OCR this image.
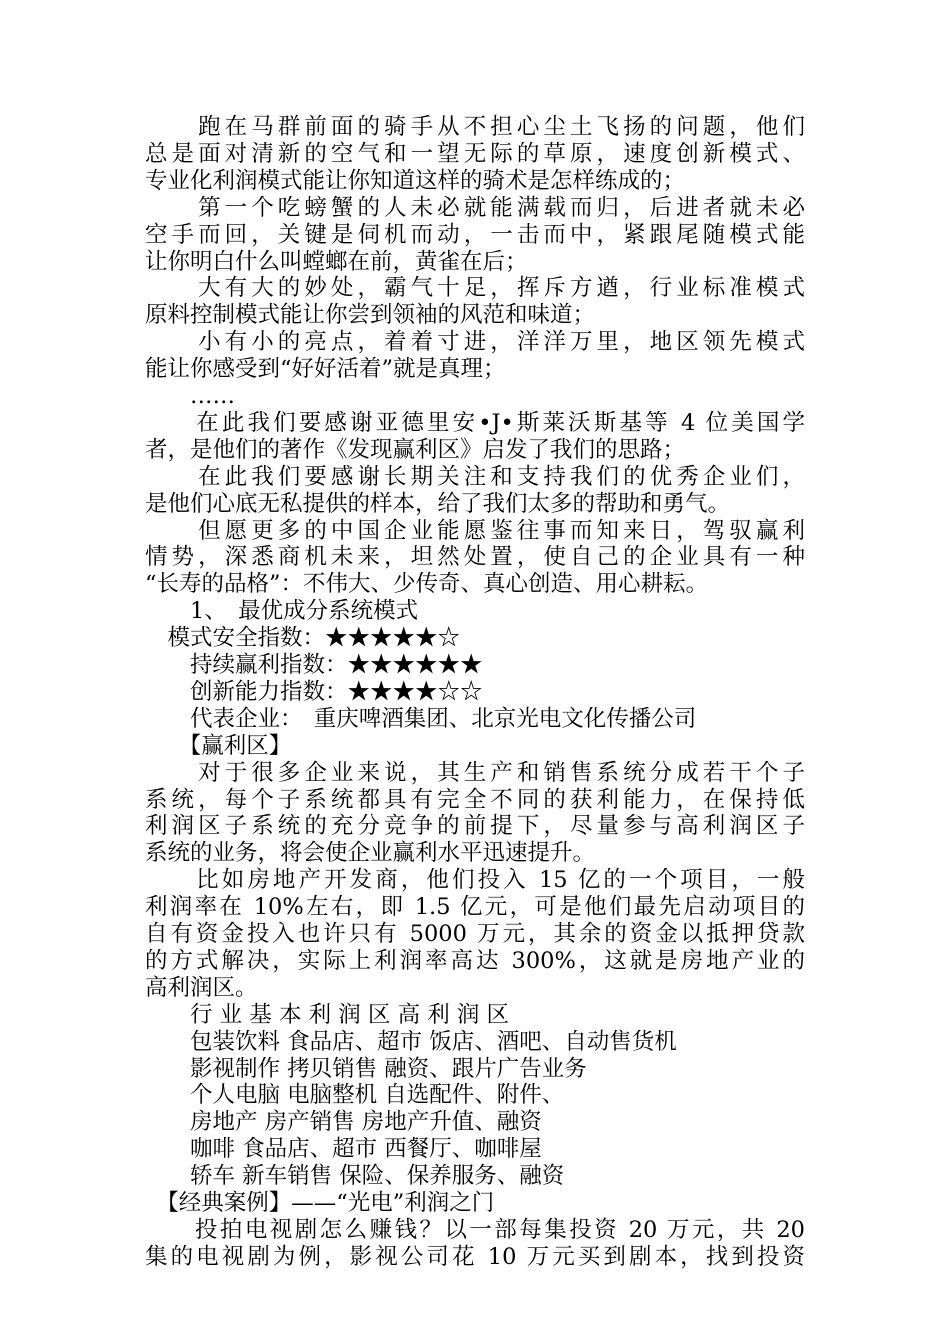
　　跑在马群前面的骑手从不担心尘土飞扬的问题，他们
总是面对清新的空气和一望无际的草原，速度创新模式、
专业化利润模式能让你知道这样的骑术是怎样练成的；
　　第一个吃螃蟹的人未必就能满载而归，后进者就未必
空手而回，关键是伺机而动，一击而中，紧跟尾随模式能
让你明白什么叫螳螂在前，黄雀在后；
　　大有大的妙处，霸气十足，挥斥方遒，行业标准模式
原料控制模式能让你尝到领袖的风范和味道；
　　小有小的亮点，着着寸进，洋洋万里，地区领先模式
能让你感受到“好好活着”就是真理；
　　……
　　在此我们要感谢亚德里安•J•斯莱沃斯基等 4 位美国学
者，是他们的著作《发现赢利区》启发了我们的思路；
　　在此我们要感谢长期关注和支持我们的优秀企业们，
是他们心底无私提供的样本，给了我们太多的帮助和勇气。
　　但愿更多的中国企业能愿鉴往事而知来日，驾驭赢利
情势，深悉商机未来，坦然处置，使自己的企业具有一种
“长寿的品格”：不伟大、少传奇、真心创造、用心耕耘。
　　1、　最优成分系统模式
　模式安全指数：★★★★★☆
　　持续赢利指数：★★★★★★
　　创新能力指数：★★★★☆☆
　　代表企业：　重庆啤酒集团、北京光电文化传播公司
　　【赢利区】
　　对于很多企业来说，其生产和销售系统分成若干个子
系统，每个子系统都具有完全不同的获利能力，在保持低
利润区子系统的充分竞争的前提下，尽量参与高利润区子
系统的业务，将会使企业赢利水平迅速提升。
　　比如房地产开发商，他们投入 15 亿的一个项目，一般
利润率在 10%左右，即 1.5 亿元，可是他们最先启动项目的
自有资金投入也许只有 5000 万元，其余的资金以抵押贷款
的方式解决，实际上利润率高达 300%，这就是房地产业的
高利润区。
　　行 业 基 本 利 润 区 高 利 润 区
　　包装饮料 食品店、超市 饭店、酒吧、自动售货机
　　影视制作 拷贝销售 融资、跟片广告业务
　　个人电脑 电脑整机 自选配件、附件、
　　房地产 房产销售 房地产升值、融资
　　咖啡 食品店、超市 西餐厅、咖啡屋
　　轿车 新车销售 保险、保养服务、融资
　【经典案例】——“光电”利润之门
　　投拍电视剧怎么赚钱？以一部每集投资 20 万元，共 20
集的电视剧为例，影视公司花 10 万元买到剧本，找到投资
